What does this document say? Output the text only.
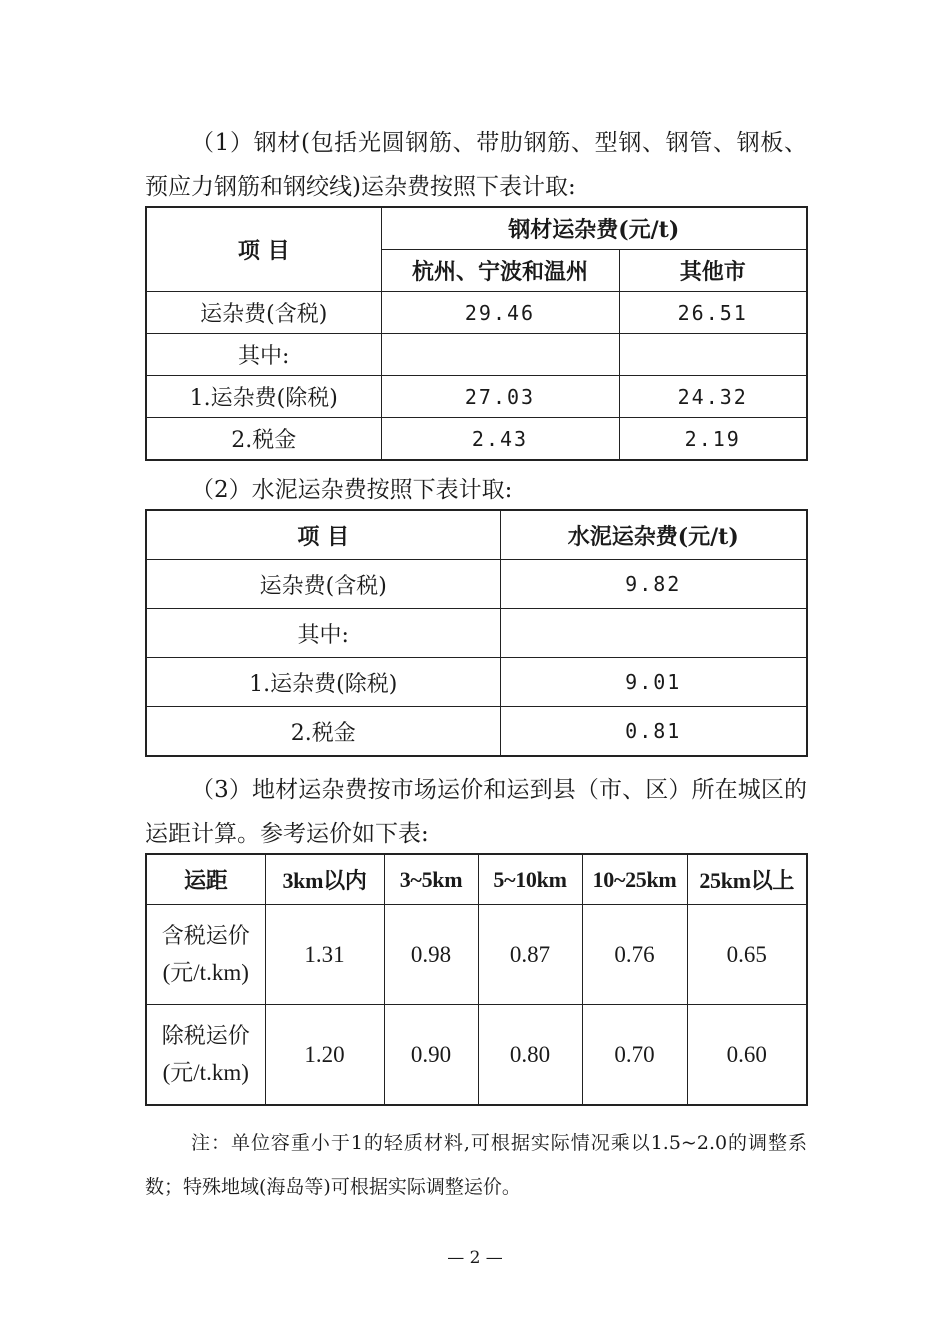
（1）钢材(包括光圆钢筋、带肋钢筋、型钢、钢管、钢板、预应力钢筋和钢绞线)运杂费按照下表计取:

项 目	钢材运杂费(元/t)	
	杭州、宁波和温州	其他市
运杂费(含税)	29.46	26.51
其中:		
1.运杂费(除税)	27.03	24.32
2.税金	2.43	2.19

（2）水泥运杂费按照下表计取:

项 目	水泥运杂费(元/t)
运杂费(含税)	9.82
其中:	
1.运杂费(除税)	9.01
2.税金	0.81

（3）地材运杂费按市场运价和运到县（市、区）所在城区的运距计算。参考运价如下表:

运距	3km以内	3~5km	5~10km	10~25km	25km以上

含税运价
(元/t.km)	1.31	0.98	0.87	0.76	0.65

除税运价
(元/t.km)	1.20	0.90	0.80	0.70	0.60

注：单位容重小于1的轻质材料,可根据实际情况乘以1.5~2.0的调整系数；特殊地域(海岛等)可根据实际调整运价。

— 2 —
